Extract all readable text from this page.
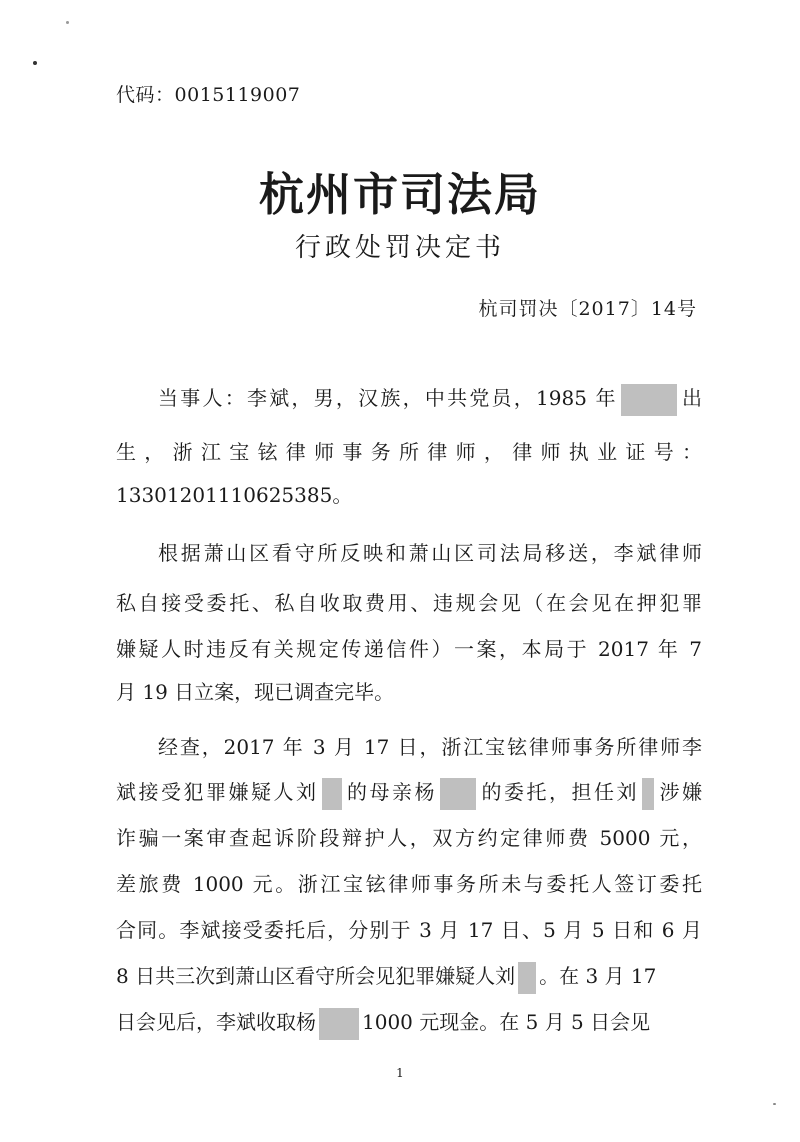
代码：0015119007
杭州市司法局
行政处罚决定书
杭司罚决〔2017〕14号
当事人：李斌，男，汉族，中共党员，1985 年	出
生，浙江宝铉律师事务所律师，律师执业证号：
13301201110625385。
根据萧山区看守所反映和萧山区司法局移送，李斌律师
私自接受委托、私自收取费用、违规会见（在会见在押犯罪
嫌疑人时违反有关规定传递信件）一案，本局于 2017 年 7
月 19 日立案，现已调查完毕。
经查，2017 年 3 月 17 日，浙江宝铉律师事务所律师李
斌接受犯罪嫌疑人刘 的母亲杨 的委托，担任刘 涉嫌
诈骗一案审查起诉阶段辩护人，双方约定律师费 5000 元，
差旅费 1000 元。浙江宝铉律师事务所未与委托人签订委托
合同。李斌接受委托后，分别于 3 月 17 日、5 月 5 日和 6 月
8 日共三次到萧山区看守所会见犯罪嫌疑人刘 。在 3 月 17
日会见后，李斌收取杨 1000 元现金。在 5 月 5 日会见
1
